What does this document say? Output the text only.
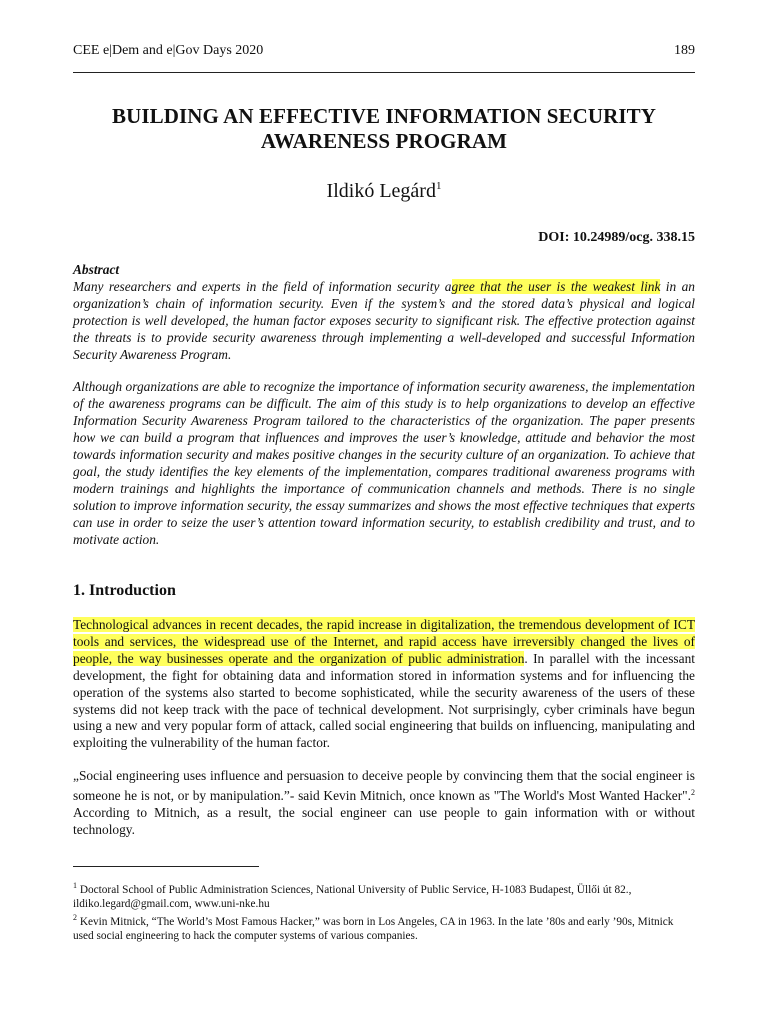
CEE e|Dem and e|Gov Days 2020	189
BUILDING AN EFFECTIVE INFORMATION SECURITY
AWARENESS PROGRAM
Ildikó Legárd$^1$
DOI: 10.24989/ocg. 338.15
Abstract

Many researchers and experts in the field of information security agree that the user is the weakest link in an organization’s chain of information security. Even if the system’s and the stored data’s physical and logical protection is well developed, the human factor exposes security to significant risk. The effective protection against the threats is to provide security awareness through implementing a well-developed and successful Information Security Awareness Program.

Although organizations are able to recognize the importance of information security awareness, the implementation of the awareness programs can be difficult. The aim of this study is to help organizations to develop an effective Information Security Awareness Program tailored to the characteristics of the organization. The paper presents how we can build a program that influences and improves the user’s knowledge, attitude and behavior the most towards information security and makes positive changes in the security culture of an organization. To achieve that goal, the study identifies the key elements of the implementation, compares traditional awareness programs with modern trainings and highlights the importance of communication channels and methods. There is no single solution to improve information security, the essay summarizes and shows the most effective techniques that experts can use in order to seize the user’s attention toward information security, to establish credibility and trust, and to motivate action.

1. Introduction

Technological advances in recent decades, the rapid increase in digitalization, the tremendous development of ICT tools and services, the widespread use of the Internet, and rapid access have irreversibly changed the lives of people, the way businesses operate and the organization of public administration. In parallel with the incessant development, the fight for obtaining data and information stored in information systems and for influencing the operation of the systems also started to become sophisticated, while the security awareness of the users of these systems did not keep track with the pace of technical development. Not surprisingly, cyber criminals have begun using a new and very popular form of attack, called social engineering that builds on influencing, manipulating and exploiting the vulnerability of the human factor.

„Social engineering uses influence and persuasion to deceive people by convincing them that the social engineer is someone he is not, or by manipulation.”- said Kevin Mitnich, once known as "The World's Most Wanted Hacker".$^2$ According to Mitnich, as a result, the social engineer can use people to gain information with or without technology.

$^1$ Doctoral School of Public Administration Sciences, National University of Public Service, H-1083 Budapest, Üllői út 82., ildiko.legard@gmail.com, www.uni-nke.hu

$^2$ Kevin Mitnick, “The World’s Most Famous Hacker,” was born in Los Angeles, CA in 1963. In the late ’80s and early ’90s, Mitnick used social engineering to hack the computer systems of various companies.
